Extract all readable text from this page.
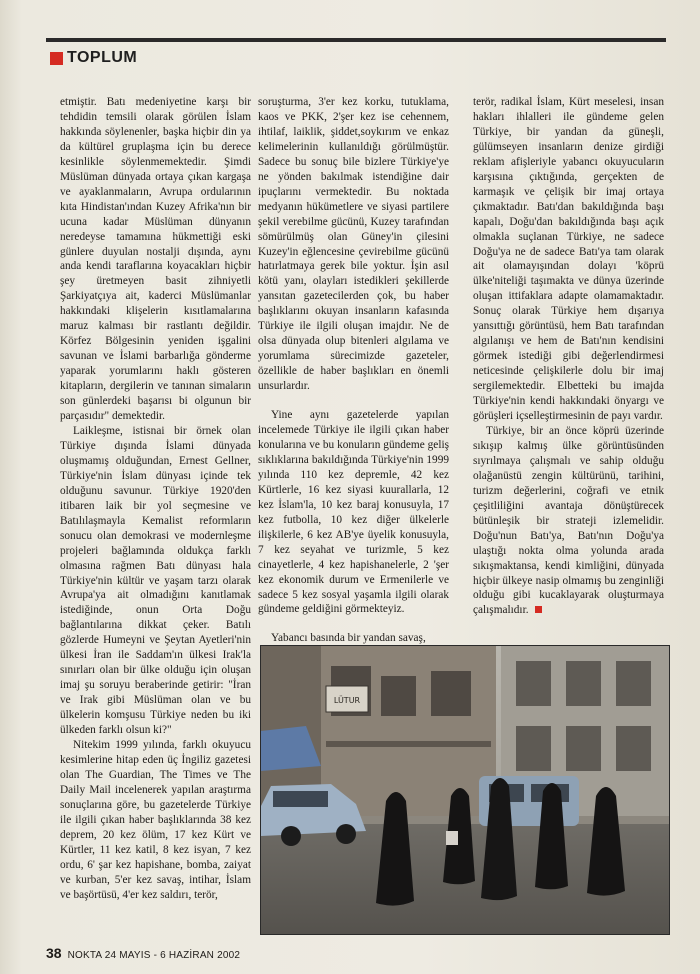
TOPLUM

etmiştir. Batı medeniyetine karşı bir tehdidin temsili olarak görülen İslam hakkında söylenenler, başka hiçbir din ya da kültürel gruplaşma için bu derece kesinlikle söylenmemektedir. Şimdi Müslüman dünyada ortaya çıkan kargaşa ve ayaklanmaların, Avrupa ordularının kıta Hindistan'ından Kuzey Afrika'nın bir ucuna kadar Müslüman dünyanın neredeyse tamamına hükmettiği eski günlere duyulan nostalji dışında, aynı anda kendi taraflarına koyacakları hiçbir şey üretmeyen basit zihniyetli Şarkiyatçıya ait, kaderci Müslümanlar hakkındaki klişelerin kısıtlamalarına maruz kalması bir rastlantı değildir. Körfez Bölgesinin yeniden işgalini savunan ve İslami barbarlığa gönderme yaparak yorumlarını haklı gösteren kitapların, dergilerin ve tanınan simaların son günlerdeki başarısı bi olgunun bir parçasıdır" demektedir.

Laikleşme, istisnai bir örnek olan Türkiye dışında İslami dünyada oluşmamış olduğundan, Ernest Gellner, Türkiye'nin İslam dünyası içinde tek olduğunu savunur. Türkiye 1920'den itibaren laik bir yol seçmesine ve Batılılaşmayla Kemalist reformların sonucu olan demokrasi ve modernleşme projeleri bağlamında oldukça farklı olmasına rağmen Batı dünyası hala Türkiye'nin kültür ve yaşam tarzı olarak Avrupa'ya ait olmadığını kanıtlamak istediğinde, onun Orta Doğu bağlantılarına dikkat çeker. Batılı gözlerde Humeyni ve Şeytan Ayetleri'nin ülkesi İran ile Saddam'ın ülkesi Irak'la sınırları olan bir ülke olduğu için oluşan imaj şu soruyu beraberinde getirir: "İran ve Irak gibi Müslüman olan ve bu ülkelerin komşusu Türkiye neden bu iki ülkeden farklı olsun ki?"

Nitekim 1999 yılında, farklı okuyucu kesimlerine hitap eden üç İngiliz gazetesi olan The Guardian, The Times ve The Daily Mail incelenerek yapılan araştırma sonuçlarına göre, bu gazetelerde Türkiye ile ilgili çıkan haber başlıklarında 38 kez deprem, 20 kez ölüm, 17 kez Kürt ve Kürtler, 11 kez katil, 8 kez isyan, 7 kez ordu, 6' şar kez hapishane, bomba, zaiyat ve kurban, 5'er kez savaş, intihar, İslam ve başörtüsü, 4'er kez saldırı, terör,

soruşturma, 3'er kez korku, tutuklama, kaos ve PKK, 2'şer kez ise cehennem, ihtilaf, laiklik, şiddet,soykırım ve enkaz kelimelerinin kullanıldığı görülmüştür. Sadece bu sonuç bile bizlere Türkiye'ye ne yönden bakılmak istendiğine dair ipuçlarını vermektedir. Bu noktada medyanın hükümetlere ve siyasi partilere şekil verebilme gücünü, Kuzey tarafından sömürülmüş olan Güney'in çilesini Kuzey'in eğlencesine çevirebilme gücünü hatırlatmaya gerek bile yoktur. İşin asıl kötü yanı, olayları istedikleri şekillerde yansıtan gazetecilerden çok, bu haber başlıklarını okuyan insanların kafasında Türkiye ile ilgili oluşan imajdır. Ne de olsa dünyada olup bitenleri algılama ve yorumlama sürecimizde gazeteler, özellikle de haber başlıkları en önemli unsurlardır.

Yine aynı gazetelerde yapılan incelemede Türkiye ile ilgili çıkan haber konularına ve bu konuların gündeme geliş sıklıklarına bakıldığında Türkiye'nin 1999 yılında 110 kez depremle, 42 kez Kürtlerle, 16 kez siyasi kuurallarla, 12 kez İslam'la, 10 kez baraj konusuyla, 17 kez futbolla, 10 kez diğer ülkelerle ilişkilerle, 6 kez AB'ye üyelik konusuyla, 7 kez seyahat ve turizmle, 5 kez cinayetlerle, 4 kez hapishanelerle, 2 'şer kez ekonomik durum ve Ermenilerle ve sadece 5 kez sosyal yaşamla ilgili olarak gündeme geldiğini görmekteyiz.

Yabancı basında bir yandan savaş,

terör, radikal İslam, Kürt meselesi, insan hakları ihlalleri ile gündeme gelen Türkiye, bir yandan da güneşli, gülümseyen insanların denize girdiği reklam afişleriyle yabancı okuyucuların karşısına çıktığında, gerçekten de karmaşık ve çelişik bir imaj ortaya çıkmaktadır. Batı'dan bakıldığında başı kapalı, Doğu'dan bakıldığında başı açık olmakla suçlanan Türkiye, ne sadece Doğu'ya ne de sadece Batı'ya tam olarak ait olamayışından dolayı 'köprü ülke'niteliği taşımakta ve dünya üzerinde oluşan ittifaklara adapte olamamaktadır. Sonuç olarak Türkiye hem dışarıya yansıttığı görüntüsü, hem Batı tarafından algılanışı ve hem de Batı'nın kendisini görmek istediği gibi değerlendirmesi neticesinde çelişkilerle dolu bir imaj sergilemektedir. Elbetteki bu imajda Türkiye'nin kendi hakkındaki önyargı ve görüşleri içselleştirmesinin de payı vardır.

Türkiye, bir an önce köprü üzerinde sıkışıp kalmış ülke görüntüsünden sıyrılmaya çalışmalı ve sahip olduğu olağanüstü zengin kültürünü, tarihini, turizm değerlerini, coğrafi ve etnik çeşitliliğini avantaja dönüştürecek bütünleşik bir strateji izlemelidir. Doğu'nun Batı'ya, Batı'nın Doğu'ya ulaştığı nokta olma yolunda arada sıkışmaktansa, kendi kimliğini, dünyada hiçbir ülkeye nasip olmamış bu zenginliği olduğu gibi kucaklayarak oluşturmaya çalışmalıdır.

LÜTUR
38 NOKTA 24 MAYIS - 6 HAZİRAN 2002
